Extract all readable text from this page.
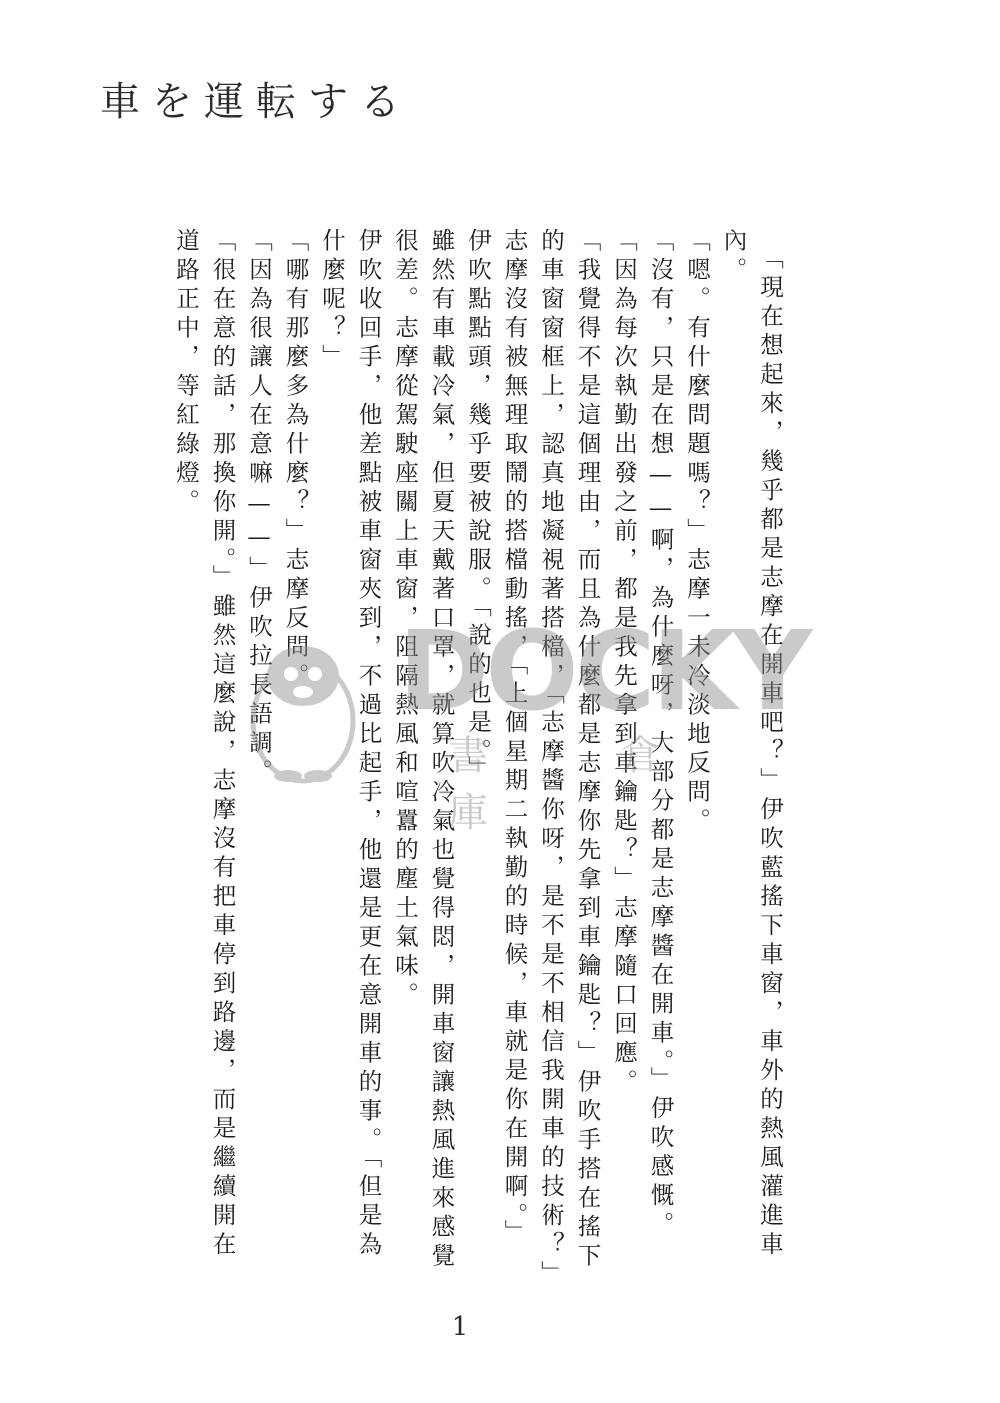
車を運転する

　「現在想起來，幾乎都是志摩在開車吧？」伊吹藍搖下車窗，車外的熱風灌進車內。

「嗯。有什麼問題嗎？」志摩一未冷淡地反問。

「沒有，只是在想——啊，為什麼呀，大部分都是志摩醬在開車。」伊吹感慨。

「因為每次執勤出發之前，都是我先拿到車鑰匙？」志摩隨口回應。

「我覺得不是這個理由，而且為什麼都是志摩你先拿到車鑰匙？」伊吹手搭在搖下的車窗窗框上，認真地凝視著搭檔，「志摩醬你呀，是不是不相信我開車的技術？」

志摩沒有被無理取鬧的搭檔動搖，「上個星期二執勤的時候，車就是你在開啊。」

伊吹點點頭，幾乎要被說服。「說的也是。」

雖然有車載冷氣，但夏天戴著口罩，就算吹冷氣也覺得悶，開車窗讓熱風進來感覺很差。志摩從駕駛座關上車窗，阻隔熱風和喧囂的塵土氣味。

伊吹收回手，他差點被車窗夾到，不過比起手，他還是更在意開車的事。「但是為什麼呢？」

「哪有那麼多為什麼？」志摩反問。

「因為很讓人在意嘛——」伊吹拉長語調。

「很在意的話，那換你開。」雖然這麼說，志摩沒有把車停到路邊，而是繼續開在道路正中，等紅綠燈。

DOCKY
書 倉 庫
1
